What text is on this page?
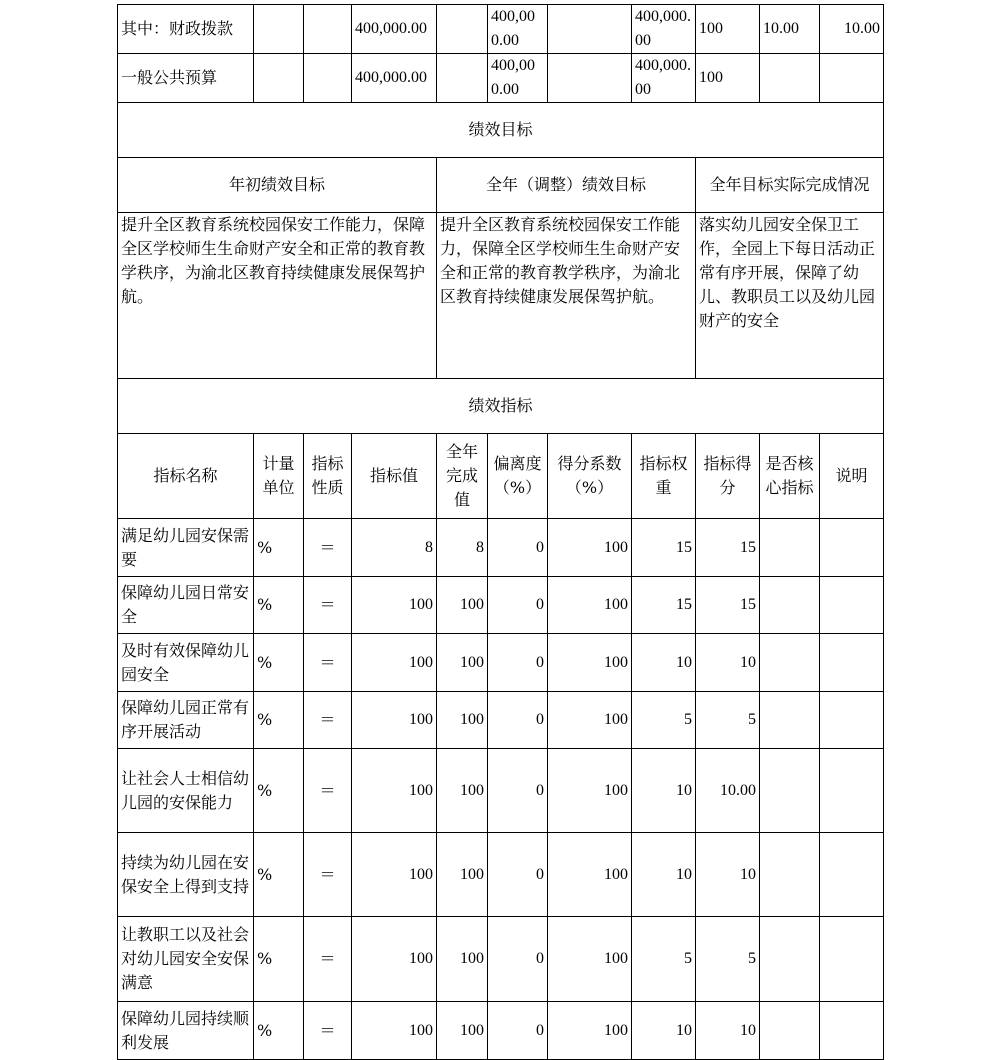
其中：财政拨款			400,000.00		400,000.00		400,000.00	100	10.00	10.00
一般公共预算			400,000.00		400,000.00		400,000.00	100		
绩效目标										
年初绩效目标				全年（调整）绩效目标				全年目标实际完成情况		
提升全区教育系统校园保安工作能力，保障全区学校师生生命财产安全和正常的教育教学秩序，为渝北区教育持续健康发展保驾护航。				提升全区教育系统校园保安工作能力，保障全区学校师生生命财产安全和正常的教育教学秩序，为渝北区教育持续健康发展保驾护航。				落实幼儿园安全保卫工作，全园上下每日活动正常有序开展，保障了幼儿、教职员工以及幼儿园财产的安全		
绩效指标										
指标名称	计量单位	指标性质	指标值	全年完成值	偏离度（%）	得分系数（%）	指标权重	指标得分	是否核心指标	说明
满足幼儿园安保需要	%	＝	8	8	0	100	15	15		
保障幼儿园日常安全	%	＝	100	100	0	100	15	15		
及时有效保障幼儿园安全	%	＝	100	100	0	100	10	10		
保障幼儿园正常有序开展活动	%	＝	100	100	0	100	5	5		
让社会人士相信幼儿园的安保能力	%	＝	100	100	0	100	10	10.00		
持续为幼儿园在安保安全上得到支持	%	＝	100	100	0	100	10	10		
让教职工以及社会对幼儿园安全安保满意	%	＝	100	100	0	100	5	5		
保障幼儿园持续顺利发展	%	＝	100	100	0	100	10	10		
